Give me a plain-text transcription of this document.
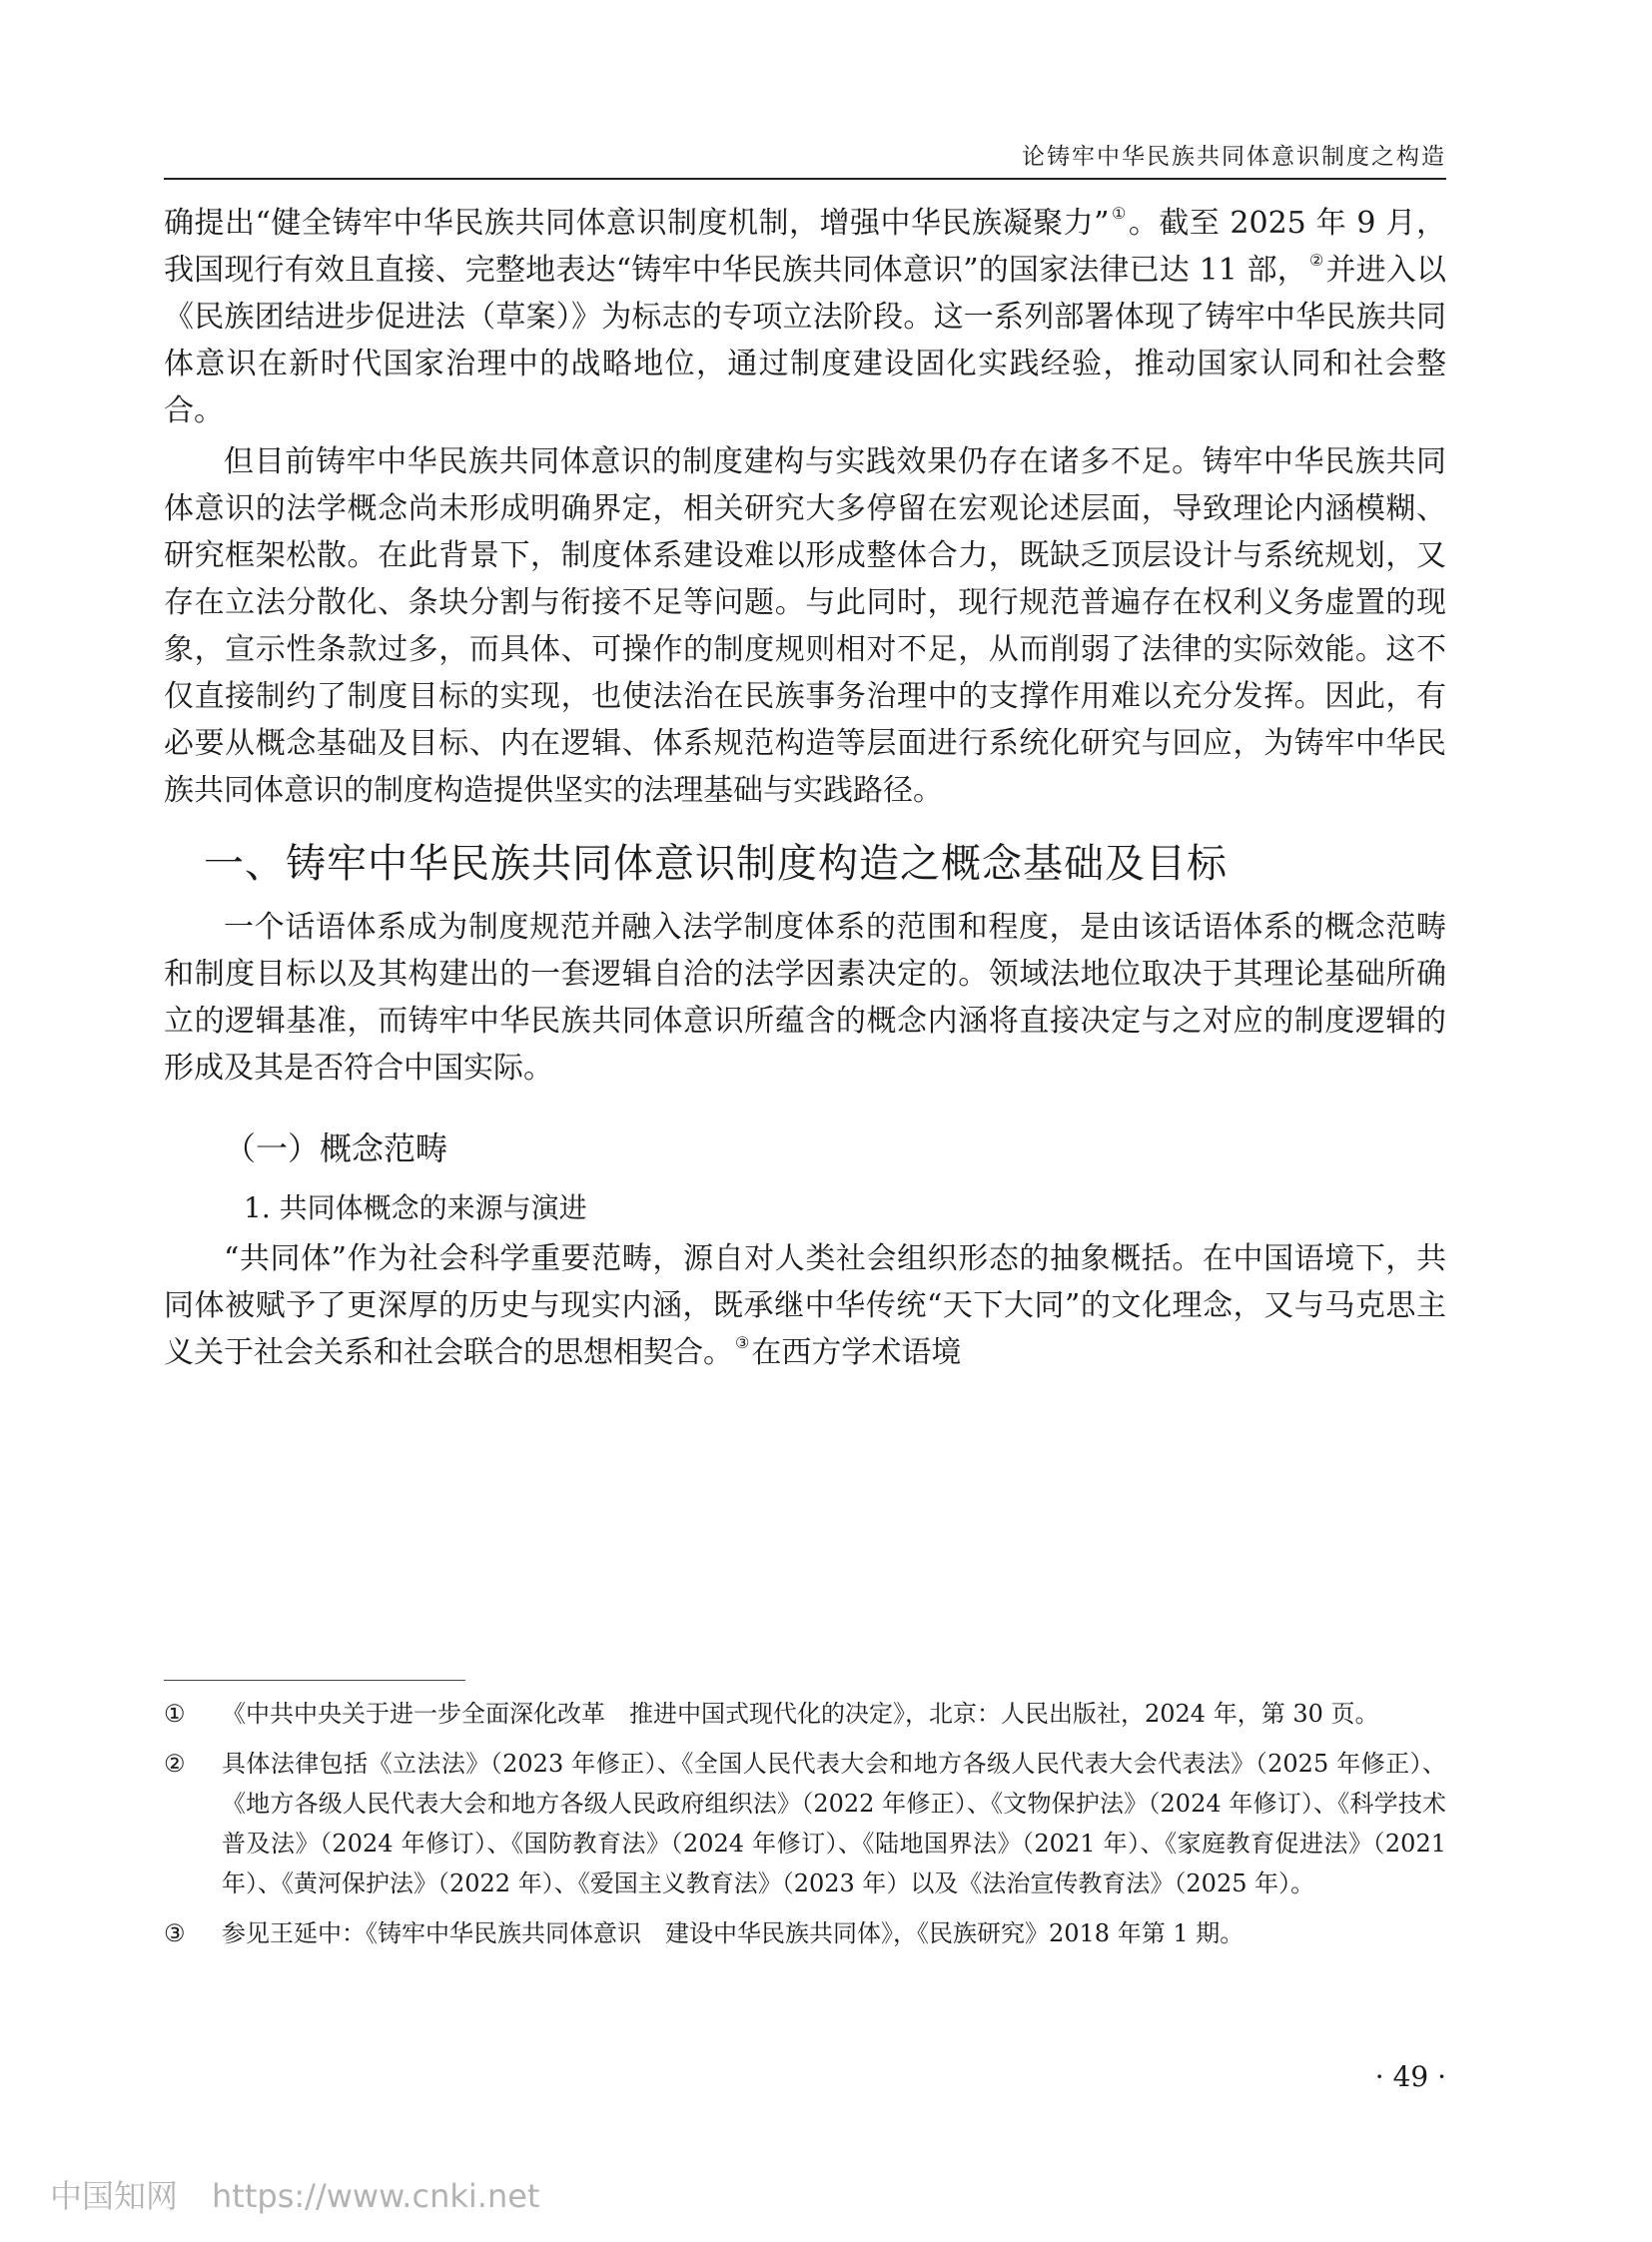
论铸牢中华民族共同体意识制度之构造

确提出“健全铸牢中华民族共同体意识制度机制，增强中华民族凝聚力” ①。截至 2025 年 9 月，我国现行有效且直接、完整地表达“铸牢中华民族共同体意识”的国家法律已达 11 部， ②并进入以《民族团结进步促进法（草案）》为标志的专项立法阶段。这一系列部署体现了铸牢中华民族共同体意识在新时代国家治理中的战略地位，通过制度建设固化实践经验，推动国家认同和社会整合。

但目前铸牢中华民族共同体意识的制度建构与实践效果仍存在诸多不足。铸牢中华民族共同体意识的法学概念尚未形成明确界定，相关研究大多停留在宏观论述层面，导致理论内涵模糊、研究框架松散。在此背景下，制度体系建设难以形成整体合力，既缺乏顶层设计与系统规划，又存在立法分散化、条块分割与衔接不足等问题。与此同时，现行规范普遍存在权利义务虚置的现象，宣示性条款过多，而具体、可操作的制度规则相对不足，从而削弱了法律的实际效能。这不仅直接制约了制度目标的实现，也使法治在民族事务治理中的支撑作用难以充分发挥。因此，有必要从概念基础及目标、内在逻辑、体系规范构造等层面进行系统化研究与回应，为铸牢中华民族共同体意识的制度构造提供坚实的法理基础与实践路径。

一、铸牢中华民族共同体意识制度构造之概念基础及目标

一个话语体系成为制度规范并融入法学制度体系的范围和程度，是由该话语体系的概念范畴和制度目标以及其构建出的一套逻辑自洽的法学因素决定的。领域法地位取决于其理论基础所确立的逻辑基准，而铸牢中华民族共同体意识所蕴含的概念内涵将直接决定与之对应的制度逻辑的形成及其是否符合中国实际。

（一）概念范畴
1. 共同体概念的来源与演进

“共同体”作为社会科学重要范畴，源自对人类社会组织形态的抽象概括。在中国语境下，共同体被赋予了更深厚的历史与现实内涵，既承继中华传统“天下大同”的文化理念，又与马克思主义关于社会关系和社会联合的思想相契合。 ③在西方学术语境

①	《中共中央关于进一步全面深化改革　推进中国式现代化的决定》，北京：人民出版社，2024 年，第 30 页。
②	具体法律包括《立法法》（2023 年修正）、《全国人民代表大会和地方各级人民代表大会代表法》（2025 年修正）、《地方各级人民代表大会和地方各级人民政府组织法》（2022 年修正）、《文物保护法》（2024 年修订）、《科学技术普及法》（2024 年修订）、《国防教育法》（2024 年修订）、《陆地国界法》（2021 年）、《家庭教育促进法》（2021 年）、《黄河保护法》（2022 年）、《爱国主义教育法》（2023 年）以及《法治宣传教育法》（2025 年）。
③	参见王延中：《铸牢中华民族共同体意识　建设中华民族共同体》，《民族研究》2018 年第 1 期。
· 49 ·
中国知网 https://www.cnki.net
